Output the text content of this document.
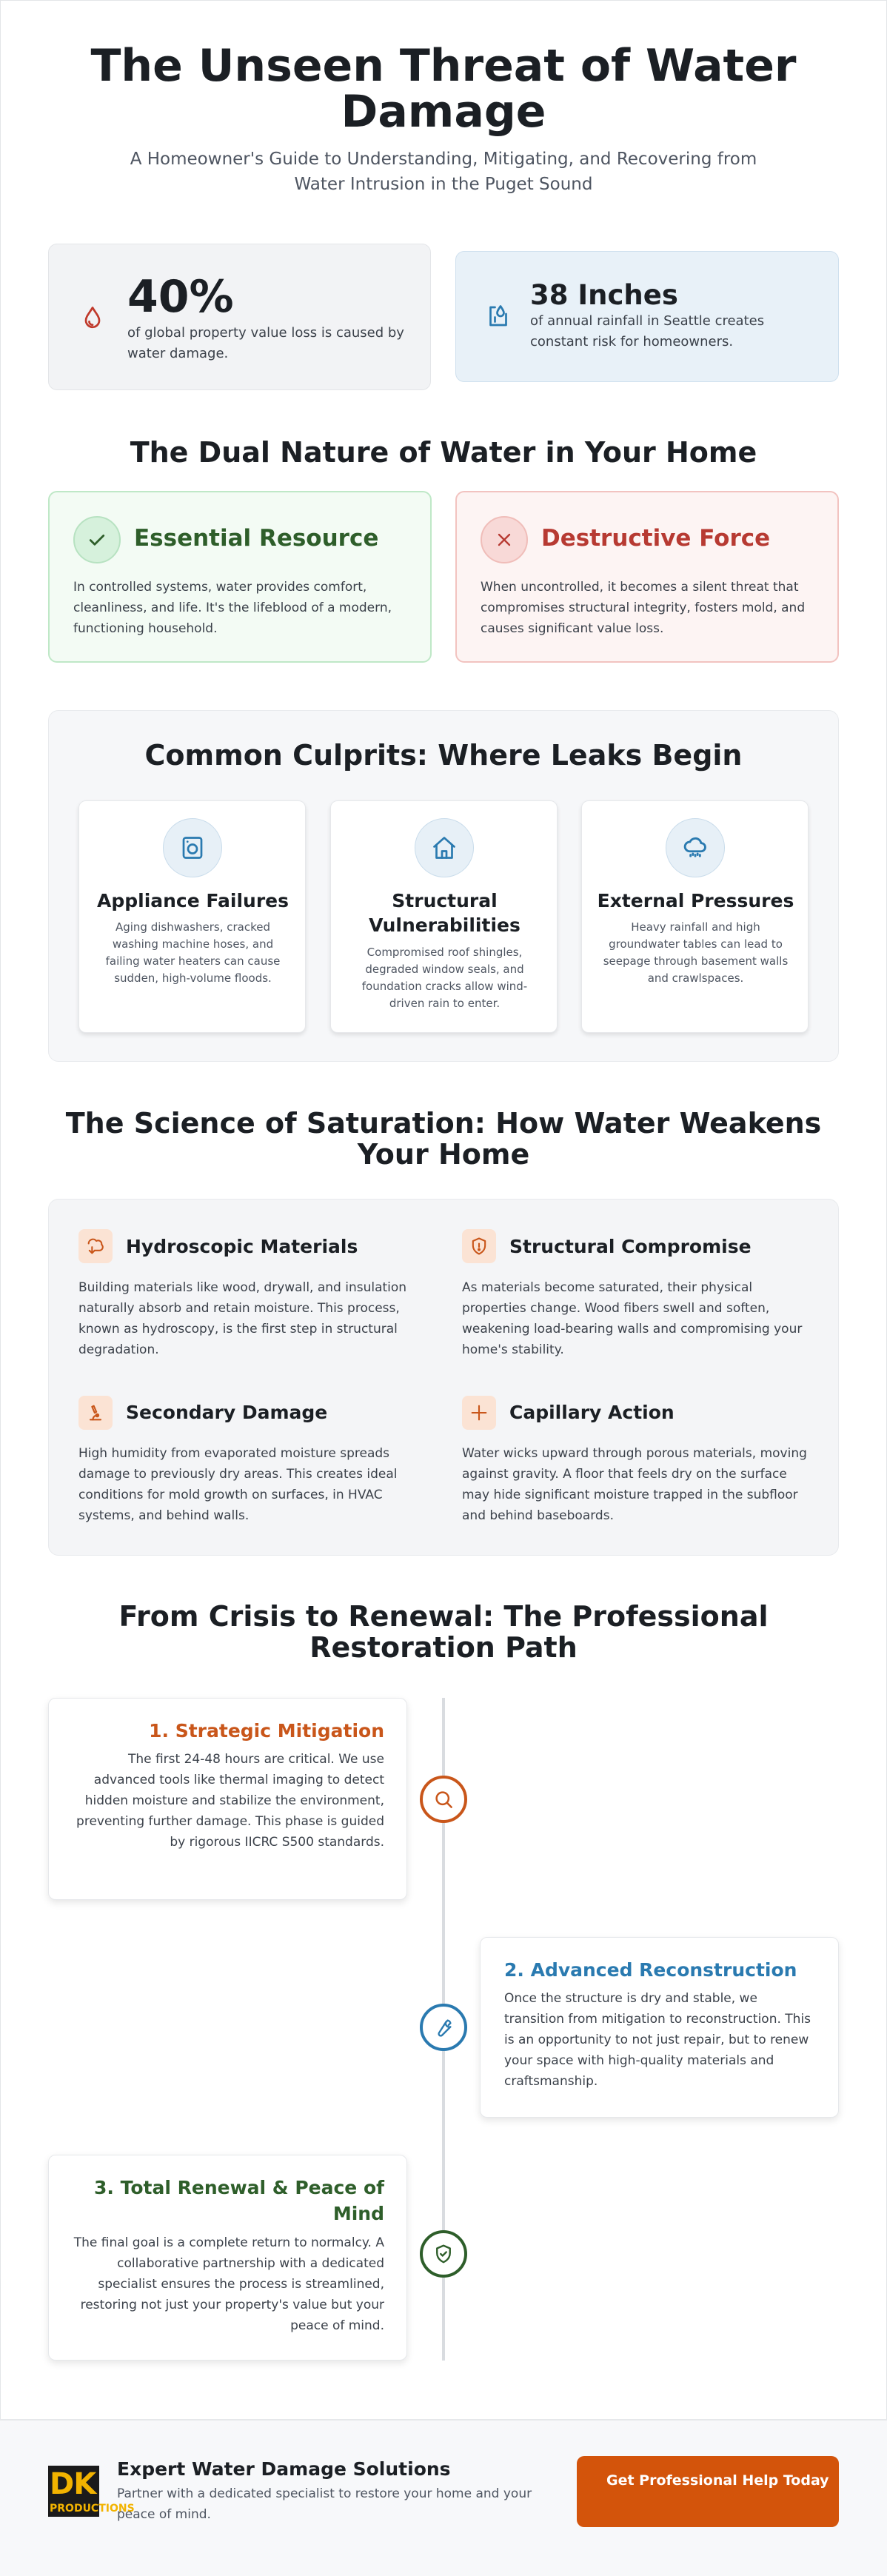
The Unseen Threat of Water Damage

A Homeowner's Guide to Understanding, Mitigating, and Recovering from Water Intrusion in the Puget Sound

40%
of global property value loss is caused by water damage.
38 Inches
of annual rainfall in Seattle creates constant risk for homeowners.
The Dual Nature of Water in Your Home
Essential Resource

In controlled systems, water provides comfort, cleanliness, and life. It's the lifeblood of a modern, functioning household.

Destructive Force

When uncontrolled, it becomes a silent threat that compromises structural integrity, fosters mold, and causes significant value loss.

Common Culprits: Where Leaks Begin
Appliance Failures

Aging dishwashers, cracked washing machine hoses, and failing water heaters can cause sudden, high-volume floods.

Structural Vulnerabilities

Compromised roof shingles, degraded window seals, and foundation cracks allow wind-driven rain to enter.

External Pressures

Heavy rainfall and high groundwater tables can lead to seepage through basement walls and crawlspaces.

The Science of Saturation: How Water Weakens Your Home
Hydroscopic Materials

Building materials like wood, drywall, and insulation naturally absorb and retain moisture. This process, known as hydroscopy, is the first step in structural degradation.

Structural Compromise

As materials become saturated, their physical properties change. Wood fibers swell and soften, weakening load-bearing walls and compromising your home's stability.

Secondary Damage

High humidity from evaporated moisture spreads damage to previously dry areas. This creates ideal conditions for mold growth on surfaces, in HVAC systems, and behind walls.

Capillary Action

Water wicks upward through porous materials, moving against gravity. A floor that feels dry on the surface may hide significant moisture trapped in the subfloor and behind baseboards.

From Crisis to Renewal: The Professional Restoration Path
1. Strategic Mitigation

The first 24-48 hours are critical. We use advanced tools like thermal imaging to detect hidden moisture and stabilize the environment, preventing further damage. This phase is guided by rigorous IICRC S500 standards.

2. Advanced Reconstruction

Once the structure is dry and stable, we transition from mitigation to reconstruction. This is an opportunity to not just repair, but to renew your space with high-quality materials and craftsmanship.

3. Total Renewal & Peace of Mind

The final goal is a complete return to normalcy. A collaborative partnership with a dedicated specialist ensures the process is streamlined, restoring not just your property's value but your peace of mind.

DK
PRODUCTIONS
Expert Water Damage Solutions

Partner with a dedicated specialist to restore your home and your peace of mind.

Get Professional Help Today
